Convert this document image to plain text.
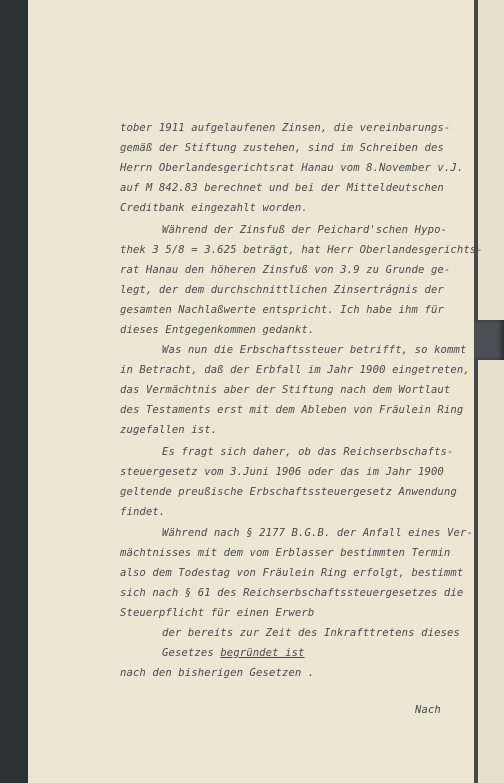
tober 1911 aufgelaufenen Zinsen, die vereinbarungs-
gemäß der Stiftung zustehen, sind im Schreiben des
Herrn Oberlandesgerichtsrat Hanau vom 8.November v.J.
auf M 842.83 berechnet und bei der Mitteldeutschen
Creditbank eingezahlt worden.
Während der Zinsfuß der Peichard'schen Hypo-
thek 3 5/8 = 3.625 beträgt, hat Herr Oberlandesgerichts-
rat Hanau den höheren Zinsfuß von 3.9 zu Grunde ge-
legt, der dem durchschnittlichen Zinsertrágnis der
gesamten Nachlaßwerte entspricht. Ich habe ihm für
dieses Entgegenkommen gedankt.
Was nun die Erbschaftssteuer betrifft, so kommt
in Betracht, daß der Erbfall im Jahr 1900 eingetreten,
das Vermächtnis aber der Stiftung nach dem Wortlaut
des Testaments erst mit dem Ableben von Fräulein Ring
zugefallen ist.
Es fragt sich daher, ob das Reichserbschafts-
steuergesetz vom 3.Juni 1906 oder das im Jahr 1900
geltende preußische Erbschaftssteuergesetz Anwendung
findet.
Während nach § 2177 B.G.B. der Anfall eines Ver-
mächtnisses mit dem vom Erblasser bestimmten Termin
also dem Todestag von Fräulein Ring erfolgt, bestimmt
sich nach § 61 des Reichserbschaftssteuergesetzes die
Steuerpflicht für einen Erwerb
der bereits zur Zeit des Inkrafttretens dieses
Gesetzes begründet ist
nach den bisherigen Gesetzen .
Nach
